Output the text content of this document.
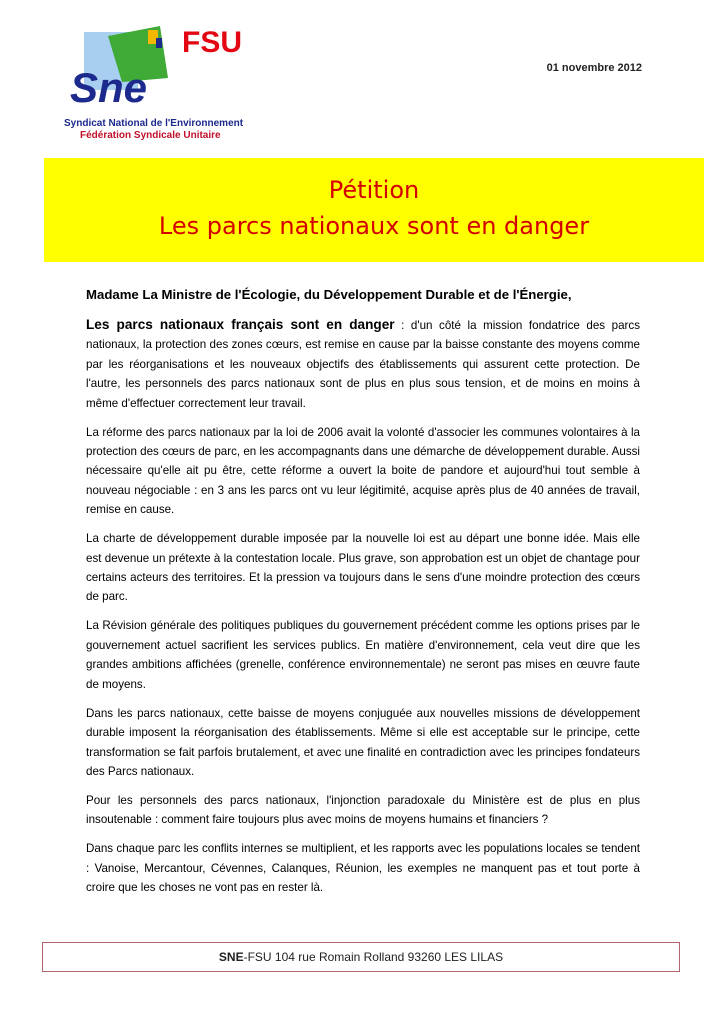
Sne
FSU
Syndicat National de l'Environnement
Fédération Syndicale Unitaire
01 novembre 2012
Pétition
Les parcs nationaux sont en danger

Madame La Ministre de l'Écologie, du Développement Durable et de l'Énergie,

Les parcs nationaux français sont en danger : d'un côté la mission fondatrice des parcs nationaux, la protection des zones cœurs, est remise en cause par la baisse constante des moyens comme par les réorganisations et les nouveaux objectifs des établissements qui assurent cette protection. De l'autre, les personnels des parcs nationaux sont de plus en plus sous tension, et de moins en moins à même d'effectuer correctement leur travail.

La réforme des parcs nationaux par la loi de 2006 avait la volonté d'associer les communes volontaires à la protection des cœurs de parc, en les accompagnants dans une démarche de développement durable. Aussi nécessaire qu'elle ait pu être, cette réforme a ouvert la boite de pandore et aujourd'hui tout semble à nouveau négociable : en 3 ans les parcs ont vu leur légitimité, acquise après plus de 40 années de travail, remise en cause.

La charte de développement durable imposée par la nouvelle loi est au départ une bonne idée. Mais elle est devenue un prétexte à la contestation locale. Plus grave, son approbation est un objet de chantage pour certains acteurs des territoires. Et la pression va toujours dans le sens d'une moindre protection des cœurs de parc.

La Révision générale des politiques publiques du gouvernement précédent comme les options prises par le gouvernement actuel sacrifient les services publics. En matière d'environnement, cela veut dire que les grandes ambitions affichées (grenelle, conférence environnementale) ne seront pas mises en œuvre faute de moyens.

Dans les parcs nationaux, cette baisse de moyens conjuguée aux nouvelles missions de développement durable imposent la réorganisation des établissements. Même si elle est acceptable sur le principe, cette transformation se fait parfois brutalement, et avec une finalité en contradiction avec les principes fondateurs des Parcs nationaux.

Pour les personnels des parcs nationaux, l'injonction paradoxale du Ministère est de plus en plus insoutenable : comment faire toujours plus avec moins de moyens humains et financiers ?

Dans chaque parc les conflits internes se multiplient, et les rapports avec les populations locales se tendent : Vanoise, Mercantour, Cévennes, Calanques, Réunion, les exemples ne manquent pas et tout porte à croire que les choses ne vont pas en rester là.

SNE -FSU 104 rue Romain Rolland 93260 LES LILAS
